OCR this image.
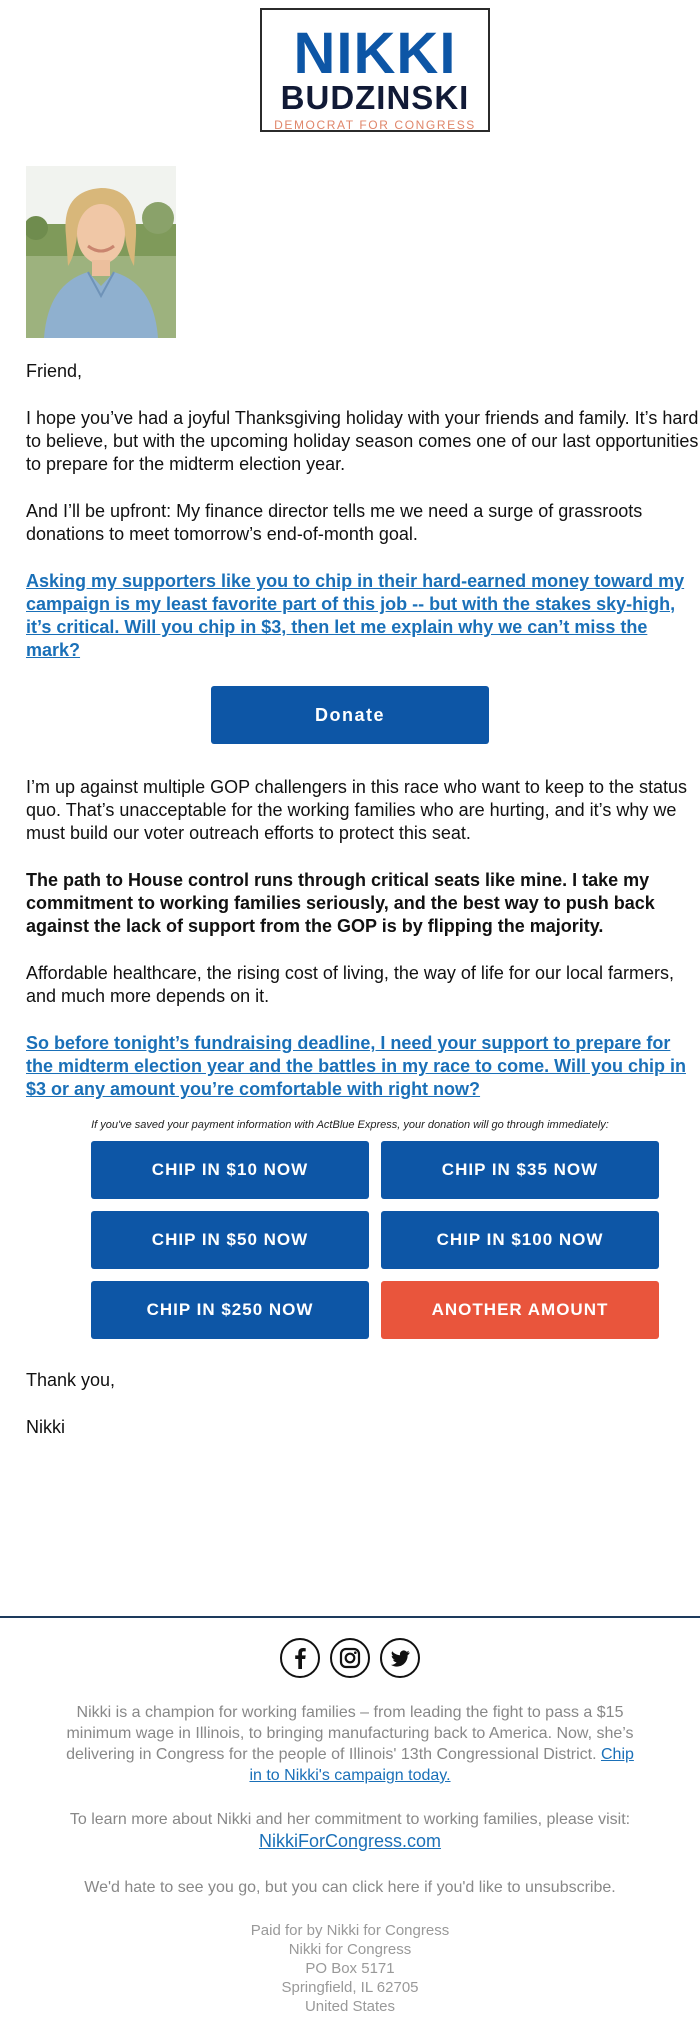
NIKKI
BUDZINSKI
DEMOCRAT FOR CONGRESS

Friend,

I hope you’ve had a joyful Thanksgiving holiday with your friends and family. It’s hard to believe, but with the upcoming holiday season comes one of our last opportunities to prepare for the midterm election year.

And I’ll be upfront: My finance director tells me we need a surge of grassroots donations to meet tomorrow’s end-of-month goal.

Asking my supporters like you to chip in their hard-earned money toward my campaign is my least favorite part of this job -- but with the stakes sky-high, it’s critical. Will you chip in $3, then let me explain why we can’t miss the mark?
Donate

I’m up against multiple GOP challengers in this race who want to keep to the status quo. That’s unacceptable for the working families who are hurting, and it’s why we must build our voter outreach efforts to protect this seat.

The path to House control runs through critical seats like mine. I take my commitment to working families seriously, and the best way to push back against the lack of support from the GOP is by flipping the majority.

Affordable healthcare, the rising cost of living, the way of life for our local farmers, and much more depends on it.

So before tonight’s fundraising deadline, I need your support to prepare for the midterm election year and the battles in my race to come. Will you chip in $3 or any amount you’re comfortable with right now?
If you've saved your payment information with ActBlue Express, your donation will go through immediately:
CHIP IN $10 NOW	CHIP IN $35 NOW
CHIP IN $50 NOW	CHIP IN $100 NOW
CHIP IN $250 NOW	ANOTHER AMOUNT

Thank you,

Nikki

Nikki is a champion for working families – from leading the fight to pass a $15 minimum wage in Illinois, to bringing manufacturing back to America. Now, she’s delivering in Congress for the people of Illinois' 13th Congressional District. Chip in to Nikki's campaign today.
To learn more about Nikki and her commitment to working families, please visit:
NikkiForCongress.com
We'd hate to see you go, but you can click here if you'd like to unsubscribe.
Paid for by Nikki for Congress
Nikki for Congress
PO Box 5171
Springfield, IL 62705
United States
